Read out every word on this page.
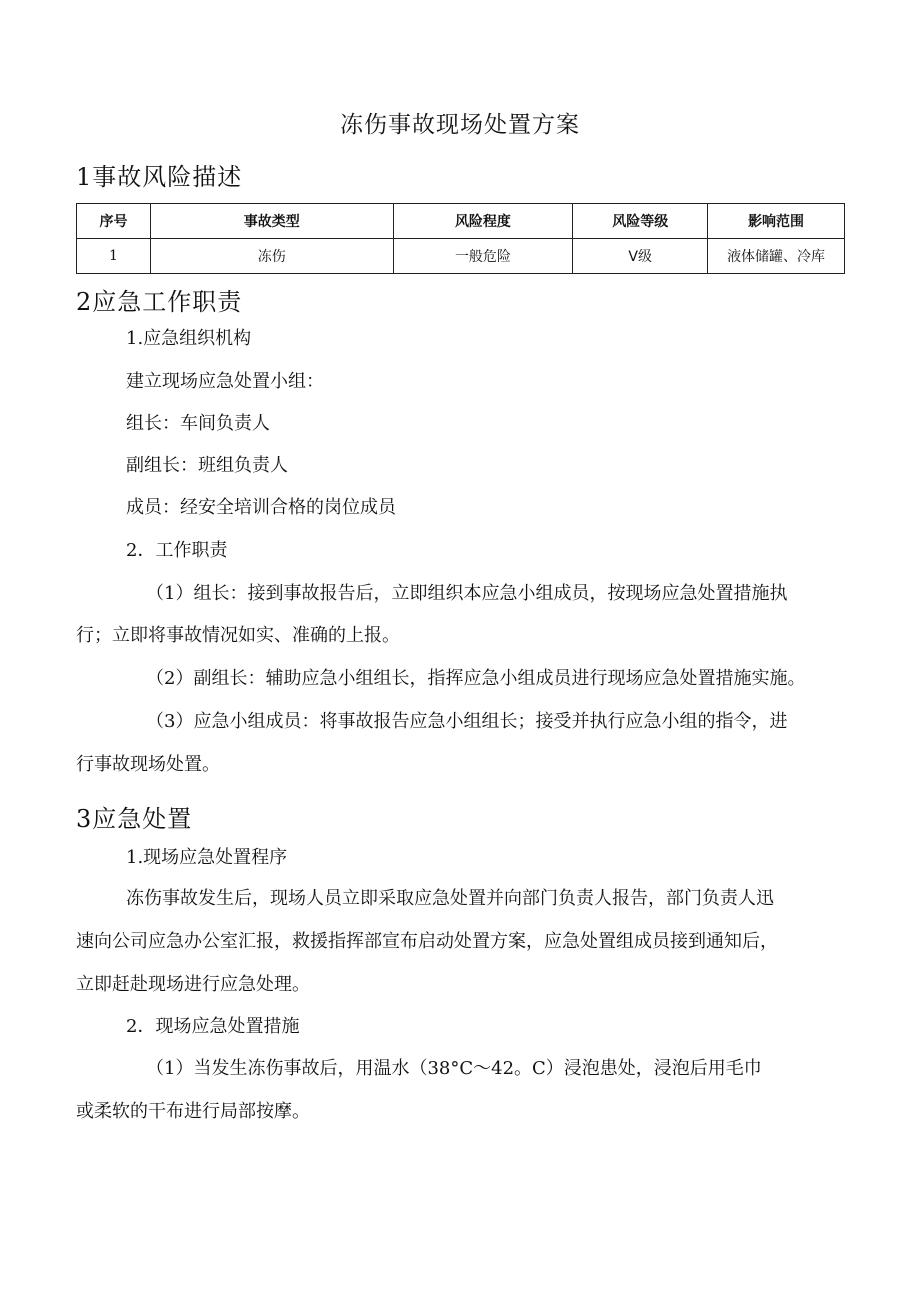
冻伤事故现场处置方案
1事故风险描述
序号	事故类型	风险程度	风险等级	影响范围
1	冻伤	一般危险	Ⅴ级	液体储罐、冷库
2应急工作职责
1.应急组织机构
建立现场应急处置小组：
组长：车间负责人
副组长：班组负责人
成员：经安全培训合格的岗位成员
2．工作职责
（1）组长：接到事故报告后，立即组织本应急小组成员，按现场应急处置措施执
行；立即将事故情况如实、准确的上报。
（2）副组长：辅助应急小组组长，指挥应急小组成员进行现场应急处置措施实施。
（3）应急小组成员：将事故报告应急小组组长；接受并执行应急小组的指令，进
行事故现场处置。
3应急处置
1.现场应急处置程序
冻伤事故发生后，现场人员立即采取应急处置并向部门负责人报告，部门负责人迅
速向公司应急办公室汇报，救援指挥部宣布启动处置方案，应急处置组成员接到通知后，
立即赶赴现场进行应急处理。
2．现场应急处置措施
（1）当发生冻伤事故后，用温水（38°C～42。C）浸泡患处，浸泡后用毛巾
或柔软的干布进行局部按摩。
